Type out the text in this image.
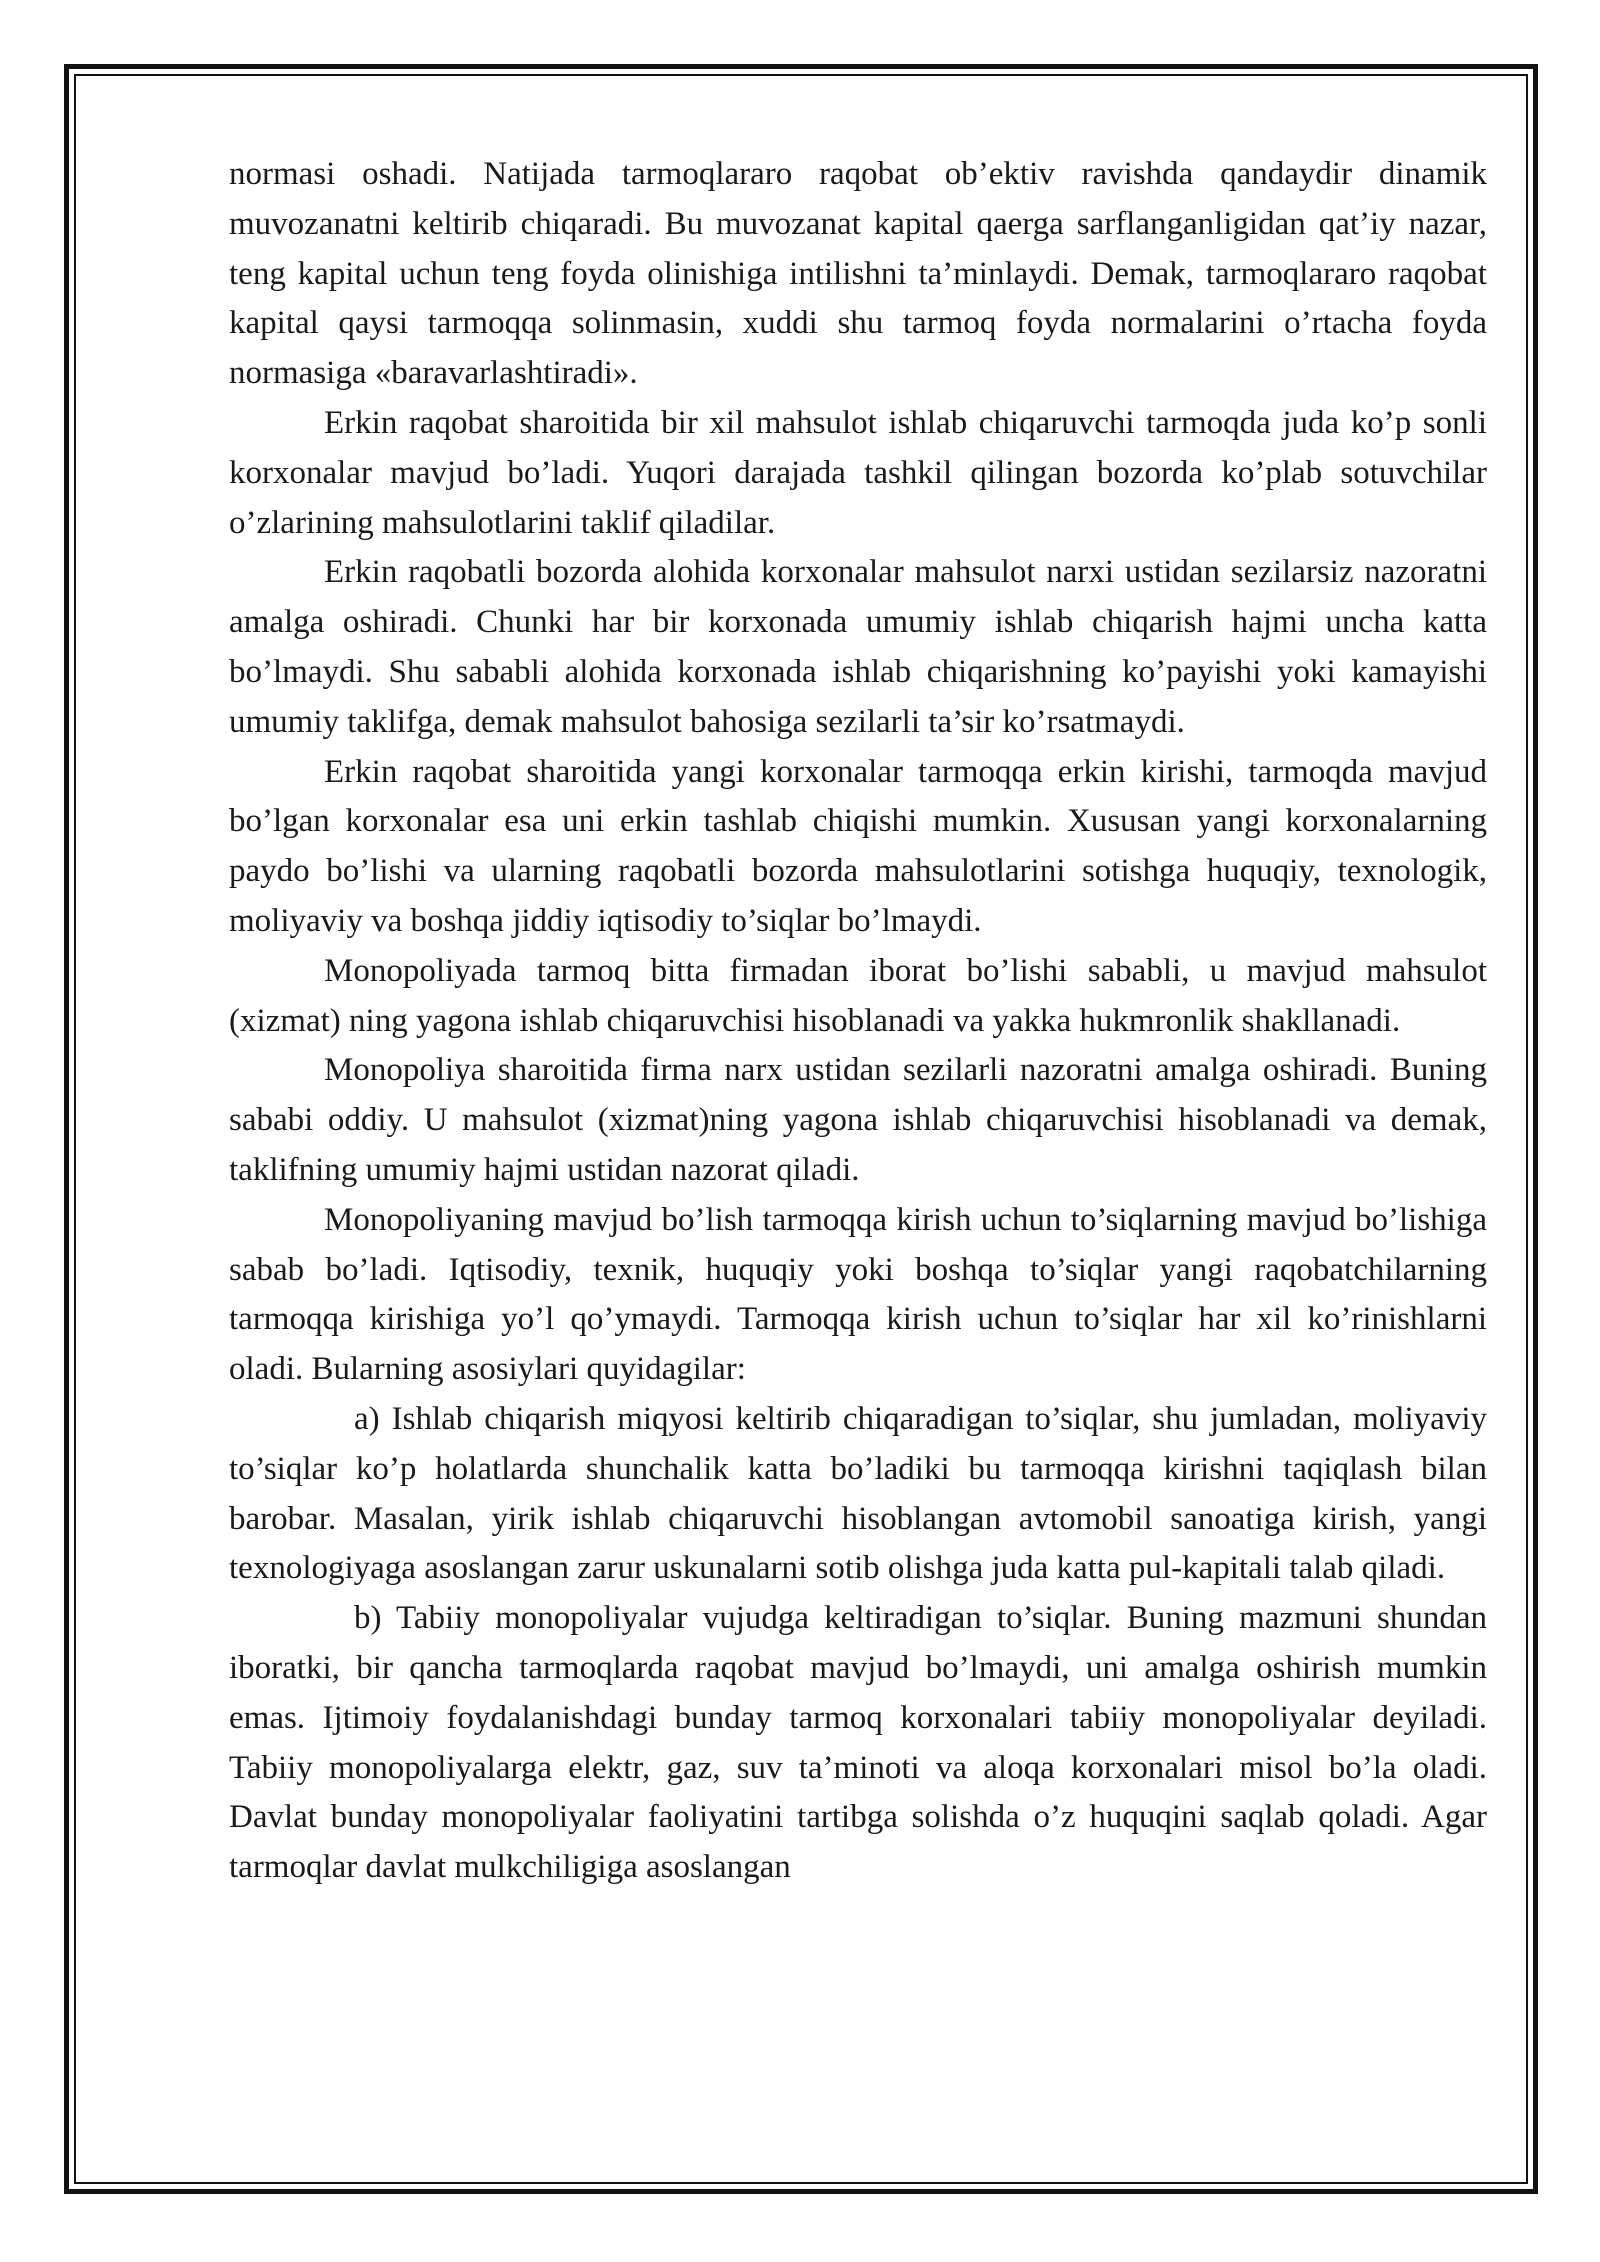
normasi oshadi. Natijada tarmoqlararo raqobat ob’ektiv ravishda qandaydir dinamik muvozanatni keltirib chiqaradi. Bu muvozanat kapital qaerga sarflanganligidan qat’iy nazar, teng kapital uchun teng foyda olinishiga intilishni ta’minlaydi. Demak, tarmoqlararo raqobat kapital qaysi tarmoqqa solinmasin, xuddi shu tarmoq foyda normalarini o’rtacha foyda normasiga «baravarlashtiradi».

Erkin raqobat sharoitida bir xil mahsulot ishlab chiqaruvchi tarmoqda juda ko’p sonli korxonalar mavjud bo’ladi. Yuqori darajada tashkil qilingan bozorda ko’plab sotuvchilar o’zlarining mahsulotlarini taklif qiladilar.

Erkin raqobatli bozorda alohida korxonalar mahsulot narxi ustidan sezilarsiz nazoratni amalga oshiradi. Chunki har bir korxonada umumiy ishlab chiqarish hajmi uncha katta bo’lmaydi. Shu sababli alohida korxonada ishlab chiqarishning ko’payishi yoki kamayishi umumiy taklifga, demak mahsulot bahosiga sezilarli ta’sir ko’rsatmaydi.

Erkin raqobat sharoitida yangi korxonalar tarmoqqa erkin kirishi, tarmoqda mavjud bo’lgan korxonalar esa uni erkin tashlab chiqishi mumkin. Xususan yangi korxonalarning paydo bo’lishi va ularning raqobatli bozorda mahsulotlarini sotishga huquqiy, texnologik, moliyaviy va boshqa jiddiy iqtisodiy to’siqlar bo’lmaydi.

Monopoliyada tarmoq bitta firmadan iborat bo’lishi sababli, u mavjud mahsulot (xizmat) ning yagona ishlab chiqaruvchisi hisoblanadi va yakka hukmronlik shakllanadi.

Monopoliya sharoitida firma narx ustidan sezilarli nazoratni amalga oshiradi. Buning sababi oddiy. U mahsulot (xizmat)ning yagona ishlab chiqaruvchisi hisoblanadi va demak, taklifning umumiy hajmi ustidan nazorat qiladi.

Monopoliyaning mavjud bo’lish tarmoqqa kirish uchun to’siqlarning mavjud bo’lishiga sabab bo’ladi. Iqtisodiy, texnik, huquqiy yoki boshqa to’siqlar yangi raqobatchilarning tarmoqqa kirishiga yo’l qo’ymaydi. Tarmoqqa kirish uchun to’siqlar har xil ko’rinishlarni oladi. Bularning asosiylari quyidagilar:

a) Ishlab chiqarish miqyosi keltirib chiqaradigan to’siqlar, shu jumladan, moliyaviy to’siqlar ko’p holatlarda shunchalik katta bo’ladiki bu tarmoqqa kirishni taqiqlash bilan barobar. Masalan, yirik ishlab chiqaruvchi hisoblangan avtomobil sanoatiga kirish, yangi texnologiyaga asoslangan zarur uskunalarni sotib olishga juda katta pul-kapitali talab qiladi.

b) Tabiiy monopoliyalar vujudga keltiradigan to’siqlar. Buning mazmuni shundan iboratki, bir qancha tarmoqlarda raqobat mavjud bo’lmaydi, uni amalga oshirish mumkin emas. Ijtimoiy foydalanishdagi bunday tarmoq korxonalari tabiiy monopoliyalar deyiladi. Tabiiy monopoliyalarga elektr, gaz, suv ta’minoti va aloqa korxonalari misol bo’la oladi. Davlat bunday monopoliyalar faoliyatini tartibga solishda o’z huquqini saqlab qoladi. Agar tarmoqlar davlat mulkchiligiga asoslangan
